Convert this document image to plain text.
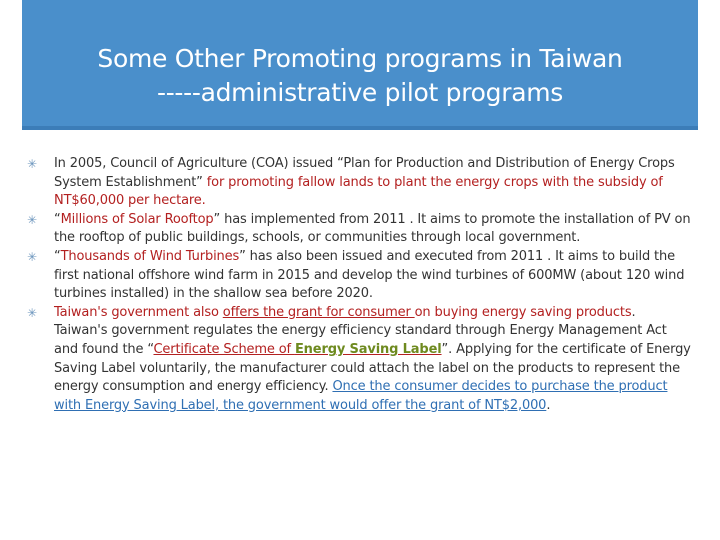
Some Other Promoting programs in Taiwan
-----administrative pilot programs
✳ In 2005, Council of Agriculture (COA) issued “Plan for Production and Distribution of Energy Crops System Establishment” for promoting fallow lands to plant the energy crops with the subsidy of NT$60,000 per hectare.
✳ “Millions of Solar Rooftop” has implemented from 2011 . It aims to promote the installation of PV on the rooftop of public buildings, schools, or communities through local government.
✳ “Thousands of Wind Turbines” has also been issued and executed from 2011 . It aims to build the first national offshore wind farm in 2015 and develop the wind turbines of 600MW (about 120 wind turbines installed) in the shallow sea before 2020.
✳ Taiwan's government also offers the grant for consumer on buying energy saving products. Taiwan's government regulates the energy efficiency standard through Energy Management Act and found the “Certificate Scheme of Energy Saving Label”. Applying for the certificate of Energy Saving Label voluntarily, the manufacturer could attach the label on the products to represent the energy consumption and energy efficiency. Once the consumer decides to purchase the product with Energy Saving Label, the government would offer the grant of NT$2,000.
